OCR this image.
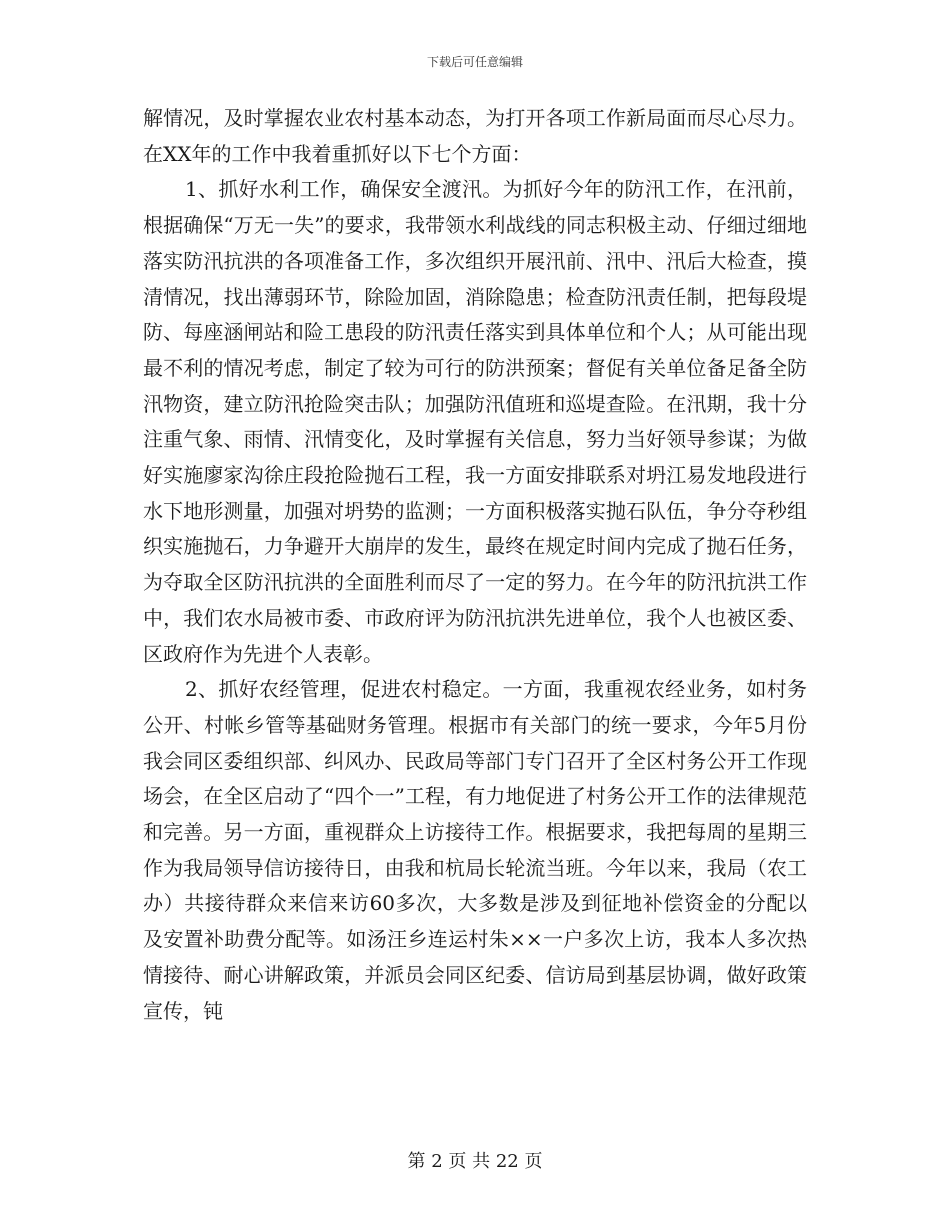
下载后可任意编辑

解情况，及时掌握农业农村基本动态，为打开各项工作新局面而尽心尽力。在XX年的工作中我着重抓好以下七个方面：

1、抓好水利工作，确保安全渡汛。为抓好今年的防汛工作，在汛前，根据确保“万无一失”的要求，我带领水利战线的同志积极主动、仔细过细地落实防汛抗洪的各项准备工作，多次组织开展汛前、汛中、汛后大检查，摸清情况，找出薄弱环节，除险加固，消除隐患；检查防汛责任制，把每段堤防、每座涵闸站和险工患段的防汛责任落实到具体单位和个人；从可能出现最不利的情况考虑，制定了较为可行的防洪预案；督促有关单位备足备全防汛物资，建立防汛抢险突击队；加强防汛值班和巡堤查险。在汛期，我十分注重气象、雨情、汛情变化，及时掌握有关信息，努力当好领导参谋；为做好实施廖家沟徐庄段抢险抛石工程，我一方面安排联系对坍江易发地段进行水下地形测量，加强对坍势的监测；一方面积极落实抛石队伍，争分夺秒组织实施抛石，力争避开大崩岸的发生，最终在规定时间内完成了抛石任务，为夺取全区防汛抗洪的全面胜利而尽了一定的努力。在今年的防汛抗洪工作中，我们农水局被市委、市政府评为防汛抗洪先进单位，我个人也被区委、区政府作为先进个人表彰。

2、抓好农经管理，促进农村稳定。一方面，我重视农经业务，如村务公开、村帐乡管等基础财务管理。根据市有关部门的统一要求，今年5月份我会同区委组织部、纠风办、民政局等部门专门召开了全区村务公开工作现场会，在全区启动了“四个一”工程，有力地促进了村务公开工作的法律规范和完善。另一方面，重视群众上访接待工作。根据要求，我把每周的星期三作为我局领导信访接待日，由我和杭局长轮流当班。今年以来，我局（农工办）共接待群众来信来访60多次，大多数是涉及到征地补偿资金的分配以及安置补助费分配等。如汤汪乡连运村朱××一户多次上访，我本人多次热情接待、耐心讲解政策，并派员会同区纪委、信访局到基层协调，做好政策宣传，钝

第 2 页 共 22 页
